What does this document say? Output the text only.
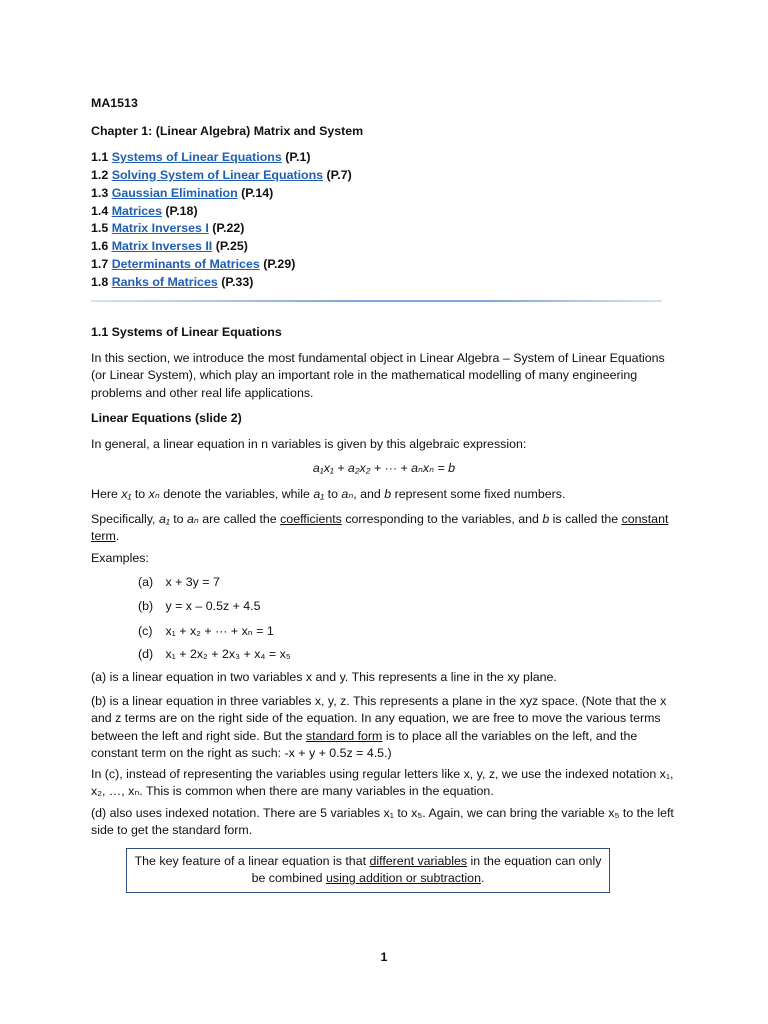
MA1513
Chapter 1: (Linear Algebra) Matrix and System
1.1 Systems of Linear Equations (P.1)
1.2 Solving System of Linear Equations (P.7)
1.3 Gaussian Elimination (P.14)
1.4 Matrices (P.18)
1.5 Matrix Inverses I (P.22)
1.6 Matrix Inverses II (P.25)
1.7 Determinants of Matrices (P.29)
1.8 Ranks of Matrices (P.33)
1.1 Systems of Linear Equations
In this section, we introduce the most fundamental object in Linear Algebra – System of Linear Equations (or Linear System), which play an important role in the mathematical modelling of many engineering problems and other real life applications.
Linear Equations (slide 2)
In general, a linear equation in n variables is given by this algebraic expression:
a₁x₁ + a₂x₂ + ··· + aₙxₙ = b
Here x₁ to xₙ denote the variables, while a₁ to aₙ, and b represent some fixed numbers.
Specifically, a₁ to aₙ are called the coefficients corresponding to the variables, and b is called the constant term.
Examples:
(a) x + 3y = 7
(b) y = x – 0.5z + 4.5
(c) x₁ + x₂ + ··· + xₙ = 1
(d) x₁ + 2x₂ + 2x₃ + x₄ = x₅
(a) is a linear equation in two variables x and y. This represents a line in the xy plane.
(b) is a linear equation in three variables x, y, z. This represents a plane in the xyz space. (Note that the x and z terms are on the right side of the equation. In any equation, we are free to move the various terms between the left and right side. But the standard form is to place all the variables on the left, and the constant term on the right as such: -x + y + 0.5z = 4.5.)
In (c), instead of representing the variables using regular letters like x, y, z, we use the indexed notation x₁, x₂, …, xₙ. This is common when there are many variables in the equation.
(d) also uses indexed notation. There are 5 variables x₁ to x₅. Again, we can bring the variable x₅ to the left side to get the standard form.
The key feature of a linear equation is that different variables in the equation can only be combined using addition or subtraction.
1
